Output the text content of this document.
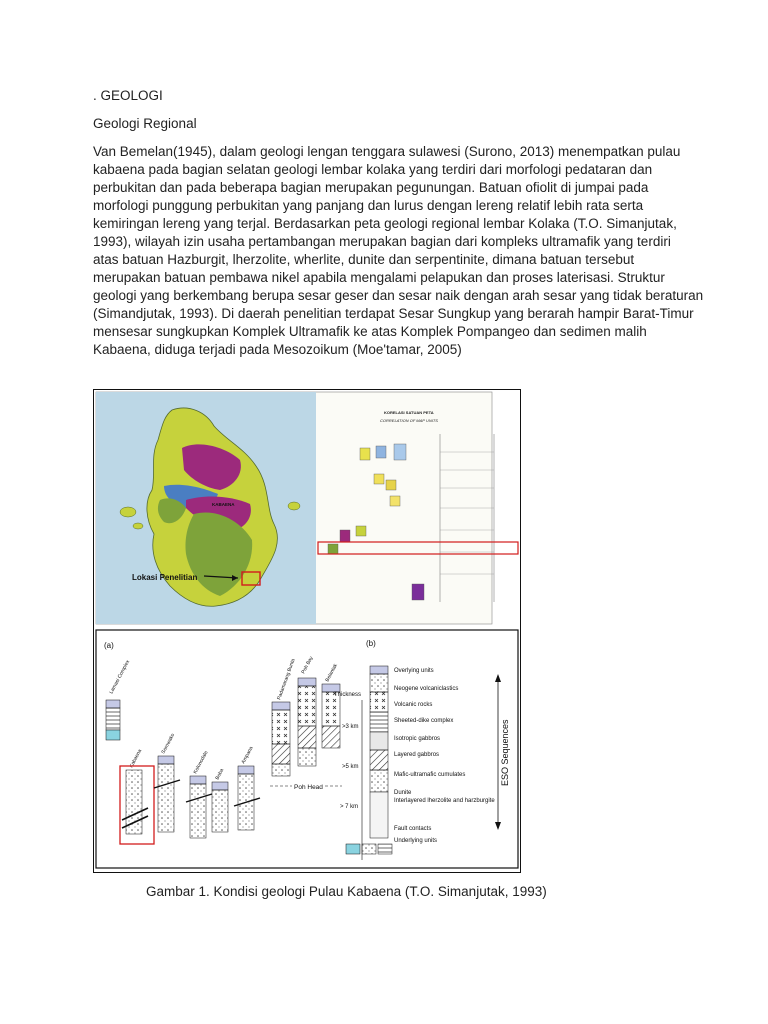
. GEOLOGI
Geologi Regional
Van Bemelan(1945), dalam geologi lengan tenggara sulawesi (Surono, 2013) menempatkan pulau
kabaena pada bagian selatan geologi lembar kolaka yang terdiri dari morfologi pedataran dan
perbukitan dan pada beberapa bagian merupakan pegunungan. Batuan ofiolit di jumpai pada
morfologi punggung perbukitan yang panjang dan lurus dengan lereng relatif lebih rata serta
kemiringan lereng yang terjal. Berdasarkan peta geologi regional lembar Kolaka (T.O. Simanjutak,
1993), wilayah izin usaha pertambangan merupakan bagian dari kompleks ultramafik yang terdiri
atas batuan Hazburgit, lherzolite, wherlite, dunite dan serpentinite, dimana batuan tersebut
merupakan batuan pembawa nikel apabila mengalami pelapukan dan proses laterisasi. Struktur
geologi yang berkembang berupa sesar geser dan sesar naik dengan arah sesar yang tidak beraturan
(Simandjutak, 1993). Di daerah penelitian terdapat Sesar Sungkup yang berarah hampir Barat-Timur
mensesar sungkupkan Komplek Ultramafik ke atas Komplek Pompangeo dan sedimen malih
Kabaena, diduga terjadi pada Mesozoikum (Moe'tamar, 2005)
Lokasi Penelitian
KABAENA
KORELASI SATUAN PETA
CORRELATION OF MAP UNITS
(a)	(b)
Lamasi Complex
Kabaena
Sorowako
Kolonodale Boba
Ampana
Padamarang Bunta Poh Bay Belantak
Poh Head
Thickness
>3 km
>5 km
> 7 km
Overlying units
Neogene volcaniclastics
Volcanic rocks
Sheeted-dike complex
Isotropic gabbros
Layered gabbros
Mafic-ultramafic cumulates
Dunite
Interlayered lherzolite and harzburgite
Fault contacts
Underlying units
ESO Sequences
Gambar 1. Kondisi geologi Pulau Kabaena (T.O. Simanjutak, 1993)
